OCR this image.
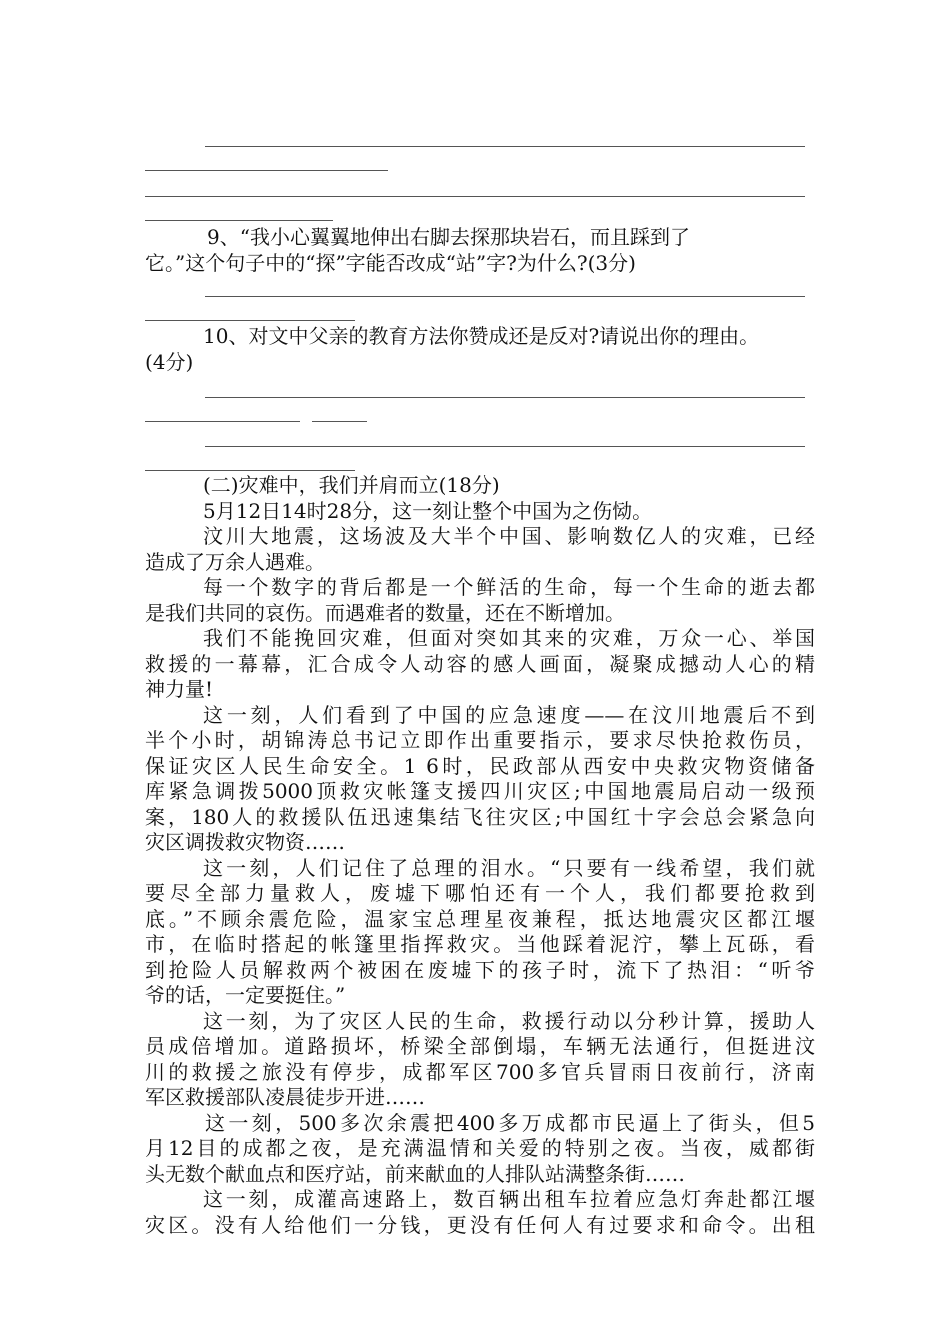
9、“我小心翼翼地伸出右脚去探那块岩石，而且踩到了
它。”这个句子中的“探”字能否改成“站”字?为什么?(3分)
10、对文中父亲的教育方法你赞成还是反对?请说出你的理由。
(4分)
(二)灾难中，我们并肩而立(18分)
5月12日14时28分，这一刻让整个中国为之伤恸。
汶川大地震，这场波及大半个中国、影响数亿人的灾难，已经
造成了万余人遇难。
每一个数字的背后都是一个鲜活的生命，每一个生命的逝去都
是我们共同的哀伤。而遇难者的数量，还在不断增加。
我们不能挽回灾难，但面对突如其来的灾难，万众一心、举国
救援的一幕幕，汇合成令人动容的感人画面，凝聚成撼动人心的精
神力量!
这一刻，人们看到了中国的应急速度——在汶川地震后不到
半个小时，胡锦涛总书记立即作出重要指示，要求尽快抢救伤员，
保证灾区人民生命安全。1 6时，民政部从西安中央救灾物资储备
库紧急调拨5000顶救灾帐篷支援四川灾区;中国地震局启动一级预
案，180人的救援队伍迅速集结飞往灾区;中国红十字会总会紧急向
灾区调拨救灾物资……
这一刻，人们记住了总理的泪水。“只要有一线希望，我们就
要尽全部力量救人，废墟下哪怕还有一个人，我们都要抢救到
底。”不顾余震危险，温家宝总理星夜兼程，抵达地震灾区都江堰
市，在临时搭起的帐篷里指挥救灾。当他踩着泥泞，攀上瓦砾，看
到抢险人员解救两个被困在废墟下的孩子时，流下了热泪：“听爷
爷的话，一定要挺住。”
这一刻，为了灾区人民的生命，救援行动以分秒计算，援助人
员成倍增加。道路损坏，桥梁全部倒塌，车辆无法通行，但挺进汶
川的救援之旅没有停步，成都军区700多官兵冒雨日夜前行，济南
军区救援部队凌晨徒步开进……
这一刻，500多次余震把400多万成都市民逼上了街头，但5
月12目的成都之夜，是充满温情和关爱的特别之夜。当夜，威都街
头无数个献血点和医疗站，前来献血的人排队站满整条街……
这一刻，成灌高速路上，数百辆出租车拉着应急灯奔赴都江堰
灾区。没有人给他们一分钱，更没有任何人有过要求和命令。出租
